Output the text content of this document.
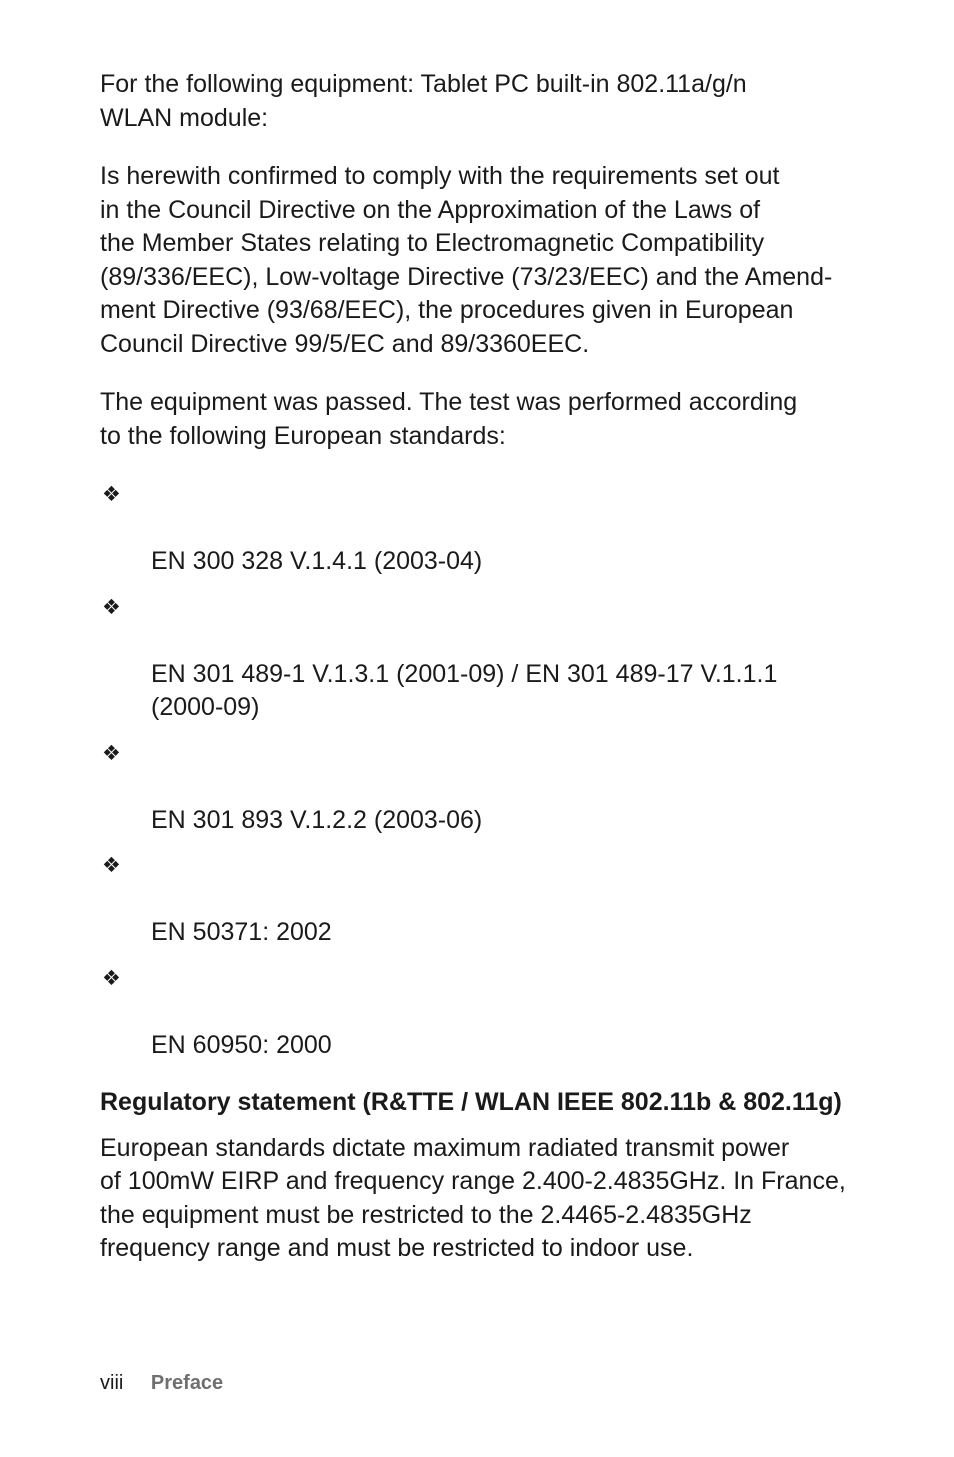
For the following equipment: Tablet PC built-in 802.11a/g/n
WLAN module:

Is herewith confirmed to comply with the requirements set out
in the Council Directive on the Approximation of the Laws of
the Member States relating to Electromagnetic Compatibility
(89/336/EEC), Low-voltage Directive (73/23/EEC) and the Amend-
ment Directive (93/68/EEC), the procedures given in European
Council Directive 99/5/EC and 89/3360EEC.

The equipment was passed. The test was performed according
to the following European standards:

❖

EN 300 328 V.1.4.1 (2003-04)

❖

EN 301 489-1 V.1.3.1 (2001-09) / EN 301 489-17 V.1.1.1
(2000-09)

❖

EN 301 893 V.1.2.2 (2003-06)

❖

EN 50371: 2002

❖

EN 60950: 2000

Regulatory statement (R&TTE / WLAN IEEE 802.11b & 802.11g)

European standards dictate maximum radiated transmit power
of 100mW EIRP and frequency range 2.400-2.4835GHz. In France,
the equipment must be restricted to the 2.4465-2.4835GHz
frequency range and must be restricted to indoor use.

viii Preface
